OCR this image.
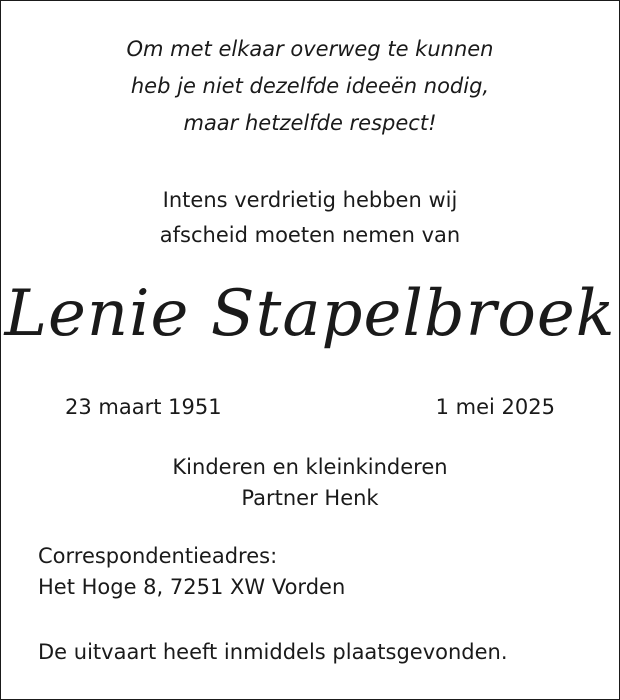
Om met elkaar overweg te kunnen
heb je niet dezelfde ideeën nodig,
maar hetzelfde respect!
Intens verdrietig hebben wij
afscheid moeten nemen van
Lenie Stapelbroek
23 maart 1951	1 mei 2025
Kinderen en kleinkinderen
Partner Henk
Correspondentieadres:
Het Hoge 8, 7251 XW Vorden
De uitvaart heeft inmiddels plaatsgevonden.
